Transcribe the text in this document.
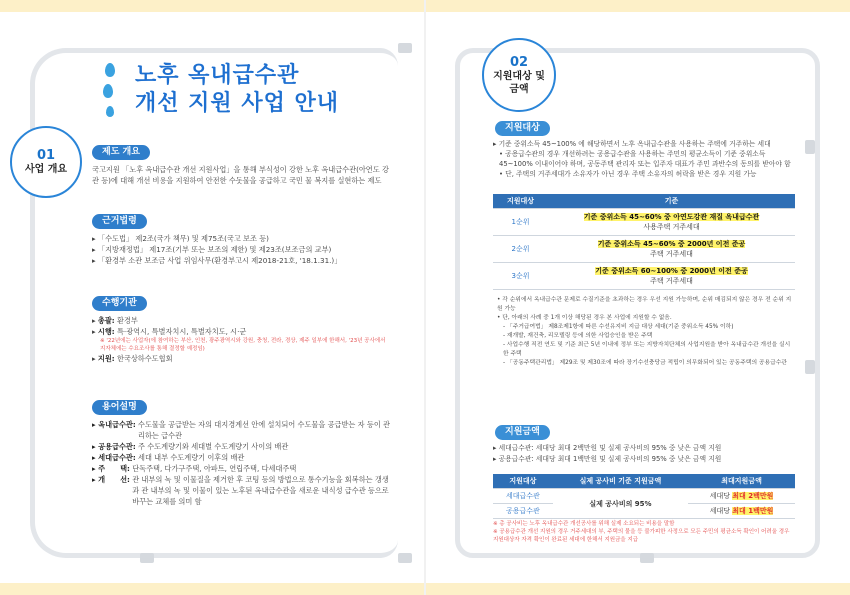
노후 옥내급수관
개선 지원 사업 안내
01
사업 개요
제도 개요
국고지원 「노후 옥내급수관 개선 지원사업」을 통해 부식성이 강한 노후 옥내급수관(아연도 강관 등)에 대해 개선 비용을 지원하여 안전한 수돗물을 공급하고 국민 물 복지를 실현하는 제도
근거법령
▸ 「수도법」 제2조(국가 책무) 및 제75조(국고 보조 등)
▸ 「지방재정법」 제17조(기부 또는 보조의 제한) 및 제23조(보조금의 교부)
▸ 「환경부 소관 보조금 사업 위임사무(환경부고시 제2018-21호, '18.1.31.)」
수행기관
▸ 총괄: 환경부
▸ 시행: 특·광역시, 특별자치시, 특별자치도, 시·군
※ '22년에는 사업자(에 참여하는 부산, 인천, 광주광역시와 강원, 충청, 전라, 경상, 제주 일부에 한해서, '23년 공사에서 지자체에는 수요조사를 통해 결정할 예정임)
▸ 지원: 한국상하수도협회
용어설명
▸ 옥내급수관:
수도물을 공급받는 자의 대지경계선 안에 설치되어 수도물을 공급받는 자 등이 관리하는 급수관
▸ 공용급수관:
주 수도계량기와 세대별 수도계량기 사이의 배관
▸ 세대급수관:
세대 내부 수도계량기 이후의 배관
▸ 주      택:
단독주택, 다가구주택, 아파트, 연립주택, 다세대주택
▸ 개      선:
관 내부의 녹 및 이물질을 제거한 후 코팅 등의 방법으로 통수기능을 회복하는 갱생과 관 내부의 녹 및 이물이 있는 노후된 옥내급수관을 새로운 내식성 급수관 등으로 바꾸는 교체를 의미 함
02
지원대상 및 금액
지원대상
▸ 기준 중위소득 45~100% 에 해당하면서 노후 옥내급수관을 사용하는 주택에 거주하는 세대
• 공용급수관의 경우 개선하려는 공용급수관을 사용하는 주민의 평균소득이 기준 중위소득 45~100% 이내이어야 하며, 공동주택 관리자 또는 입주자 대표가 주민 과반수의 동의를 받아야 함
• 단, 주택의 거주세대가 소유자가 아닌 경우 주택 소유자의 허락을 받은 경우 지원 가능
지원대상	기준
1순위	기준 중위소득 45~60% 중 아연도강관 재질 옥내급수관
사용주택 거주세대
2순위	기준 중위소득 45~60% 중 2000년 이전 준공
주택 거주세대
3순위	기준 중위소득 60~100% 중 2000년 이전 준공
주택 거주세대
• 각 순위에서 옥내급수관 문제로 수질기준을 초과하는 경우 우선 지원 가능하며, 순위 매김되지 않은 경우 전 순위 지원 가능
• 단, 아래의 사례 중 1개 이상 해당된 경우 본 사업에 지원할 수 없음.
- 「주거급여법」 제8조제1항에 따른 수선유지비 지급 대상 세대(기준 중위소득 45% 이하)
- 재개발, 재건축, 리모델링 등에 의한 사업승인을 받은 주택
- 사업수행 직전 연도 및 기준 최근 5년 이내에 정부 또는 지방자치단체의 사업지원을 받아 옥내급수관 개선을 실시한 주택
- 「공동주택관리법」 제29조 및 제30조에 따라 장기수선충당금 적립이 의무화되어 있는 공동주택의 공용급수관
지원금액
▸ 세대급수관: 세대당 최대 2백만원 및 실제 공사비의 95% 중 낮은 금액 지원
▸ 공용급수관: 세대당 최대 1백만원 및 실제 공사비의 95% 중 낮은 금액 지원
지원대상	실제 공사비 기준 지원금액	최대지원금액
세대급수관	실제 공사비의 95%	세대당 최대 2백만원
공용급수관		세대당 최대 1백만원
※ 총 공사비는 노후 옥내급수관 개선공사를 위해 실제 소요되는 비용을 말함
※ 공용급수관 개선 지원의 경우 거주세대의 부, 주택의 물을 등 불가피한 사정으로 모든 주민의 평균소득 확인이 어려울 경우 지원대상자 자격 확인이 완료된 세대에 한해서 지원금을 지급
